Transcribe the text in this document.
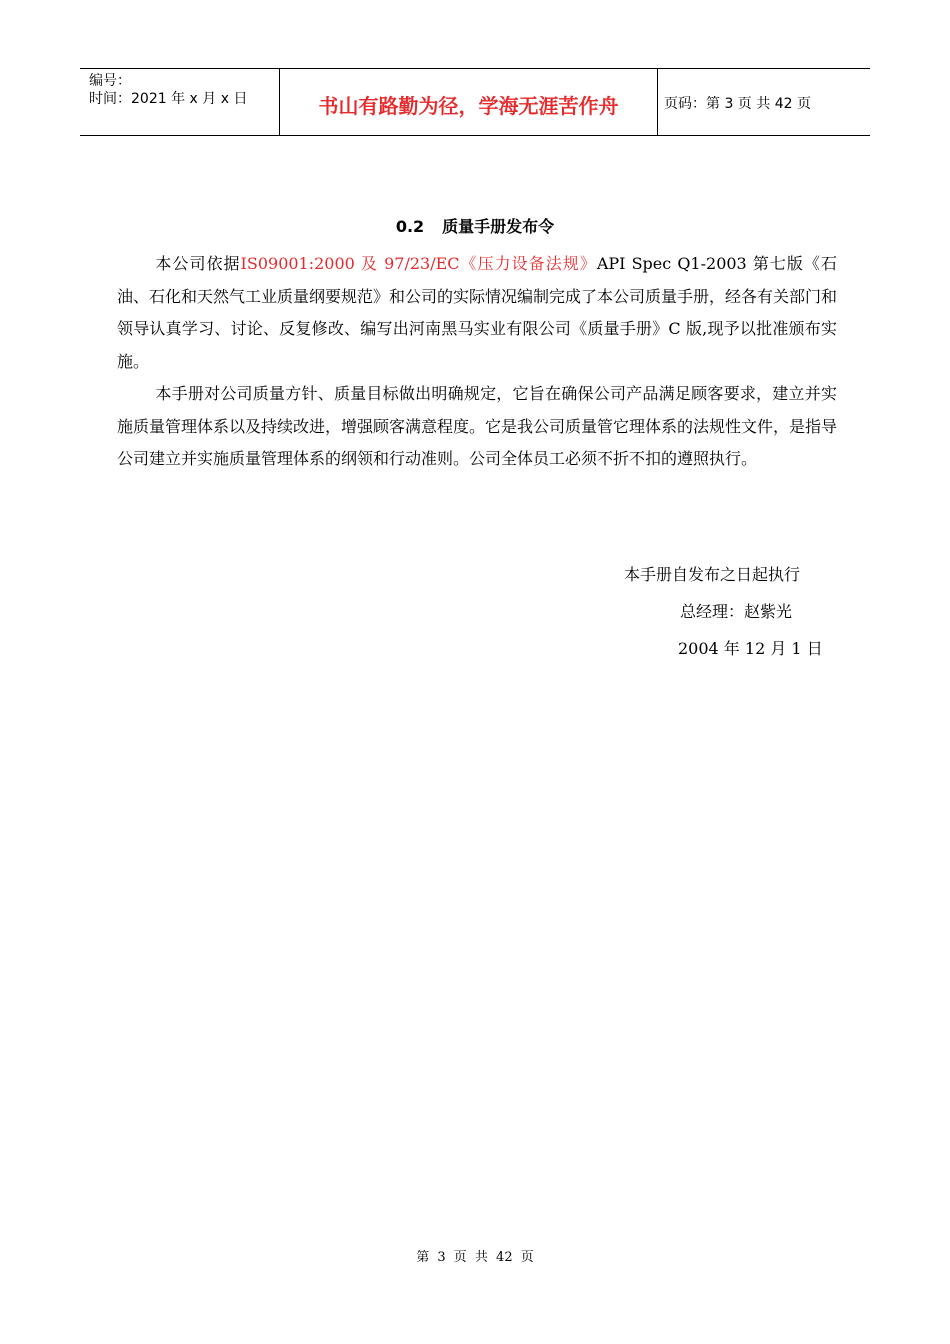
编号：
时间：2021 年 x 月 x 日	书山有路勤为径，学海无涯苦作舟	页码：第 3 页 共 42 页
0.2 质量手册发布令

本公司依据IS09001:2000 及 97/23/EC《压力设备法规》API Spec Q1-2003 第七版《石油、石化和天然气工业质量纲要规范》和公司的实际情况编制完成了本公司质量手册，经各有关部门和领导认真学习、讨论、反复修改、编写出河南黑马实业有限公司《质量手册》C 版,现予以批准颁布实施。

本手册对公司质量方针、质量目标做出明确规定，它旨在确保公司产品满足顾客要求，建立并实施质量管理体系以及持续改进，增强顾客满意程度。它是我公司质量管它理体系的法规性文件，是指导公司建立并实施质量管理体系的纲领和行动准则。公司全体员工必须不折不扣的遵照执行。

本手册自发布之日起执行
总经理：赵紫光
2004 年 12 月 1 日
第 3 页 共 42 页
